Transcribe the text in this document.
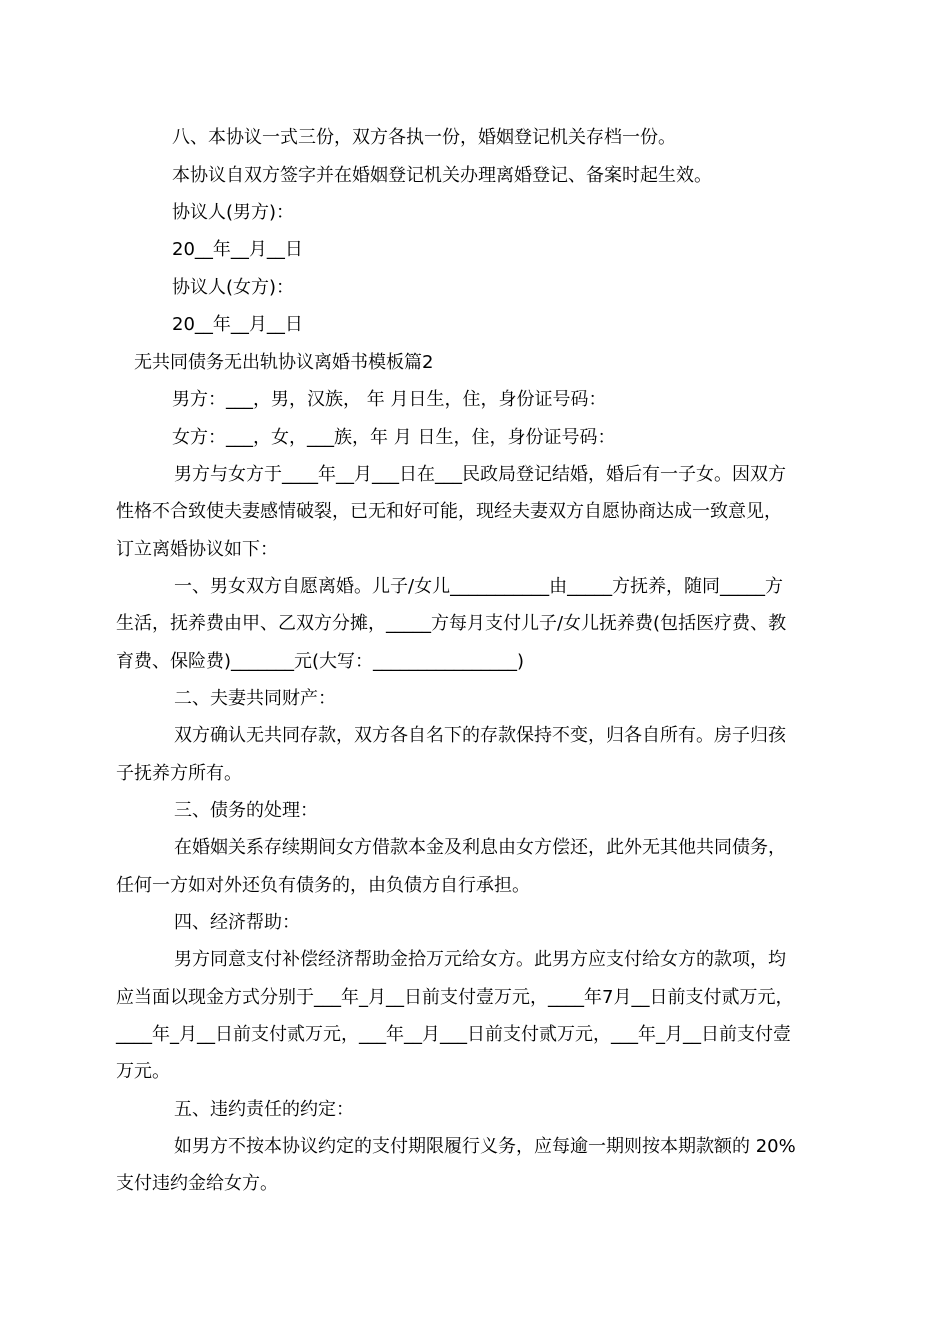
八、本协议一式三份，双方各执一份，婚姻登记机关存档一份。
本协议自双方签字并在婚姻登记机关办理离婚登记、备案时起生效。
协议人(男方)：
20__年__月__日
协议人(女方)：
20__年__月__日
无共同债务无出轨协议离婚书模板篇2
男方：___，男，汉族， 年 月日生，住，身份证号码：
女方：___，女，___族，年 月 日生，住，身份证号码：
男方与女方于____年__月___日在___民政局登记结婚，婚后有一子女。因双方
性格不合致使夫妻感情破裂，已无和好可能，现经夫妻双方自愿协商达成一致意见，
订立离婚协议如下：
一、男女双方自愿离婚。儿子/女儿___________由_____方抚养，随同_____方
生活，抚养费由甲、乙双方分摊，_____方每月支付儿子/女儿抚养费(包括医疗费、教
育费、保险费)_______元(大写：________________)
二、夫妻共同财产：
双方确认无共同存款，双方各自名下的存款保持不变，归各自所有。房子归孩
子抚养方所有。
三、债务的处理：
在婚姻关系存续期间女方借款本金及利息由女方偿还，此外无其他共同债务，
任何一方如对外还负有债务的，由负债方自行承担。
四、经济帮助：
男方同意支付补偿经济帮助金拾万元给女方。此男方应支付给女方的款项，均
应当面以现金方式分别于___年_月__日前支付壹万元，____年7月__日前支付贰万元，
____年_月__日前支付贰万元，___年__月___日前支付贰万元，___年_月__日前支付壹
万元。
五、违约责任的约定：
如男方不按本协议约定的支付期限履行义务，应每逾一期则按本期款额的 20%
支付违约金给女方。
